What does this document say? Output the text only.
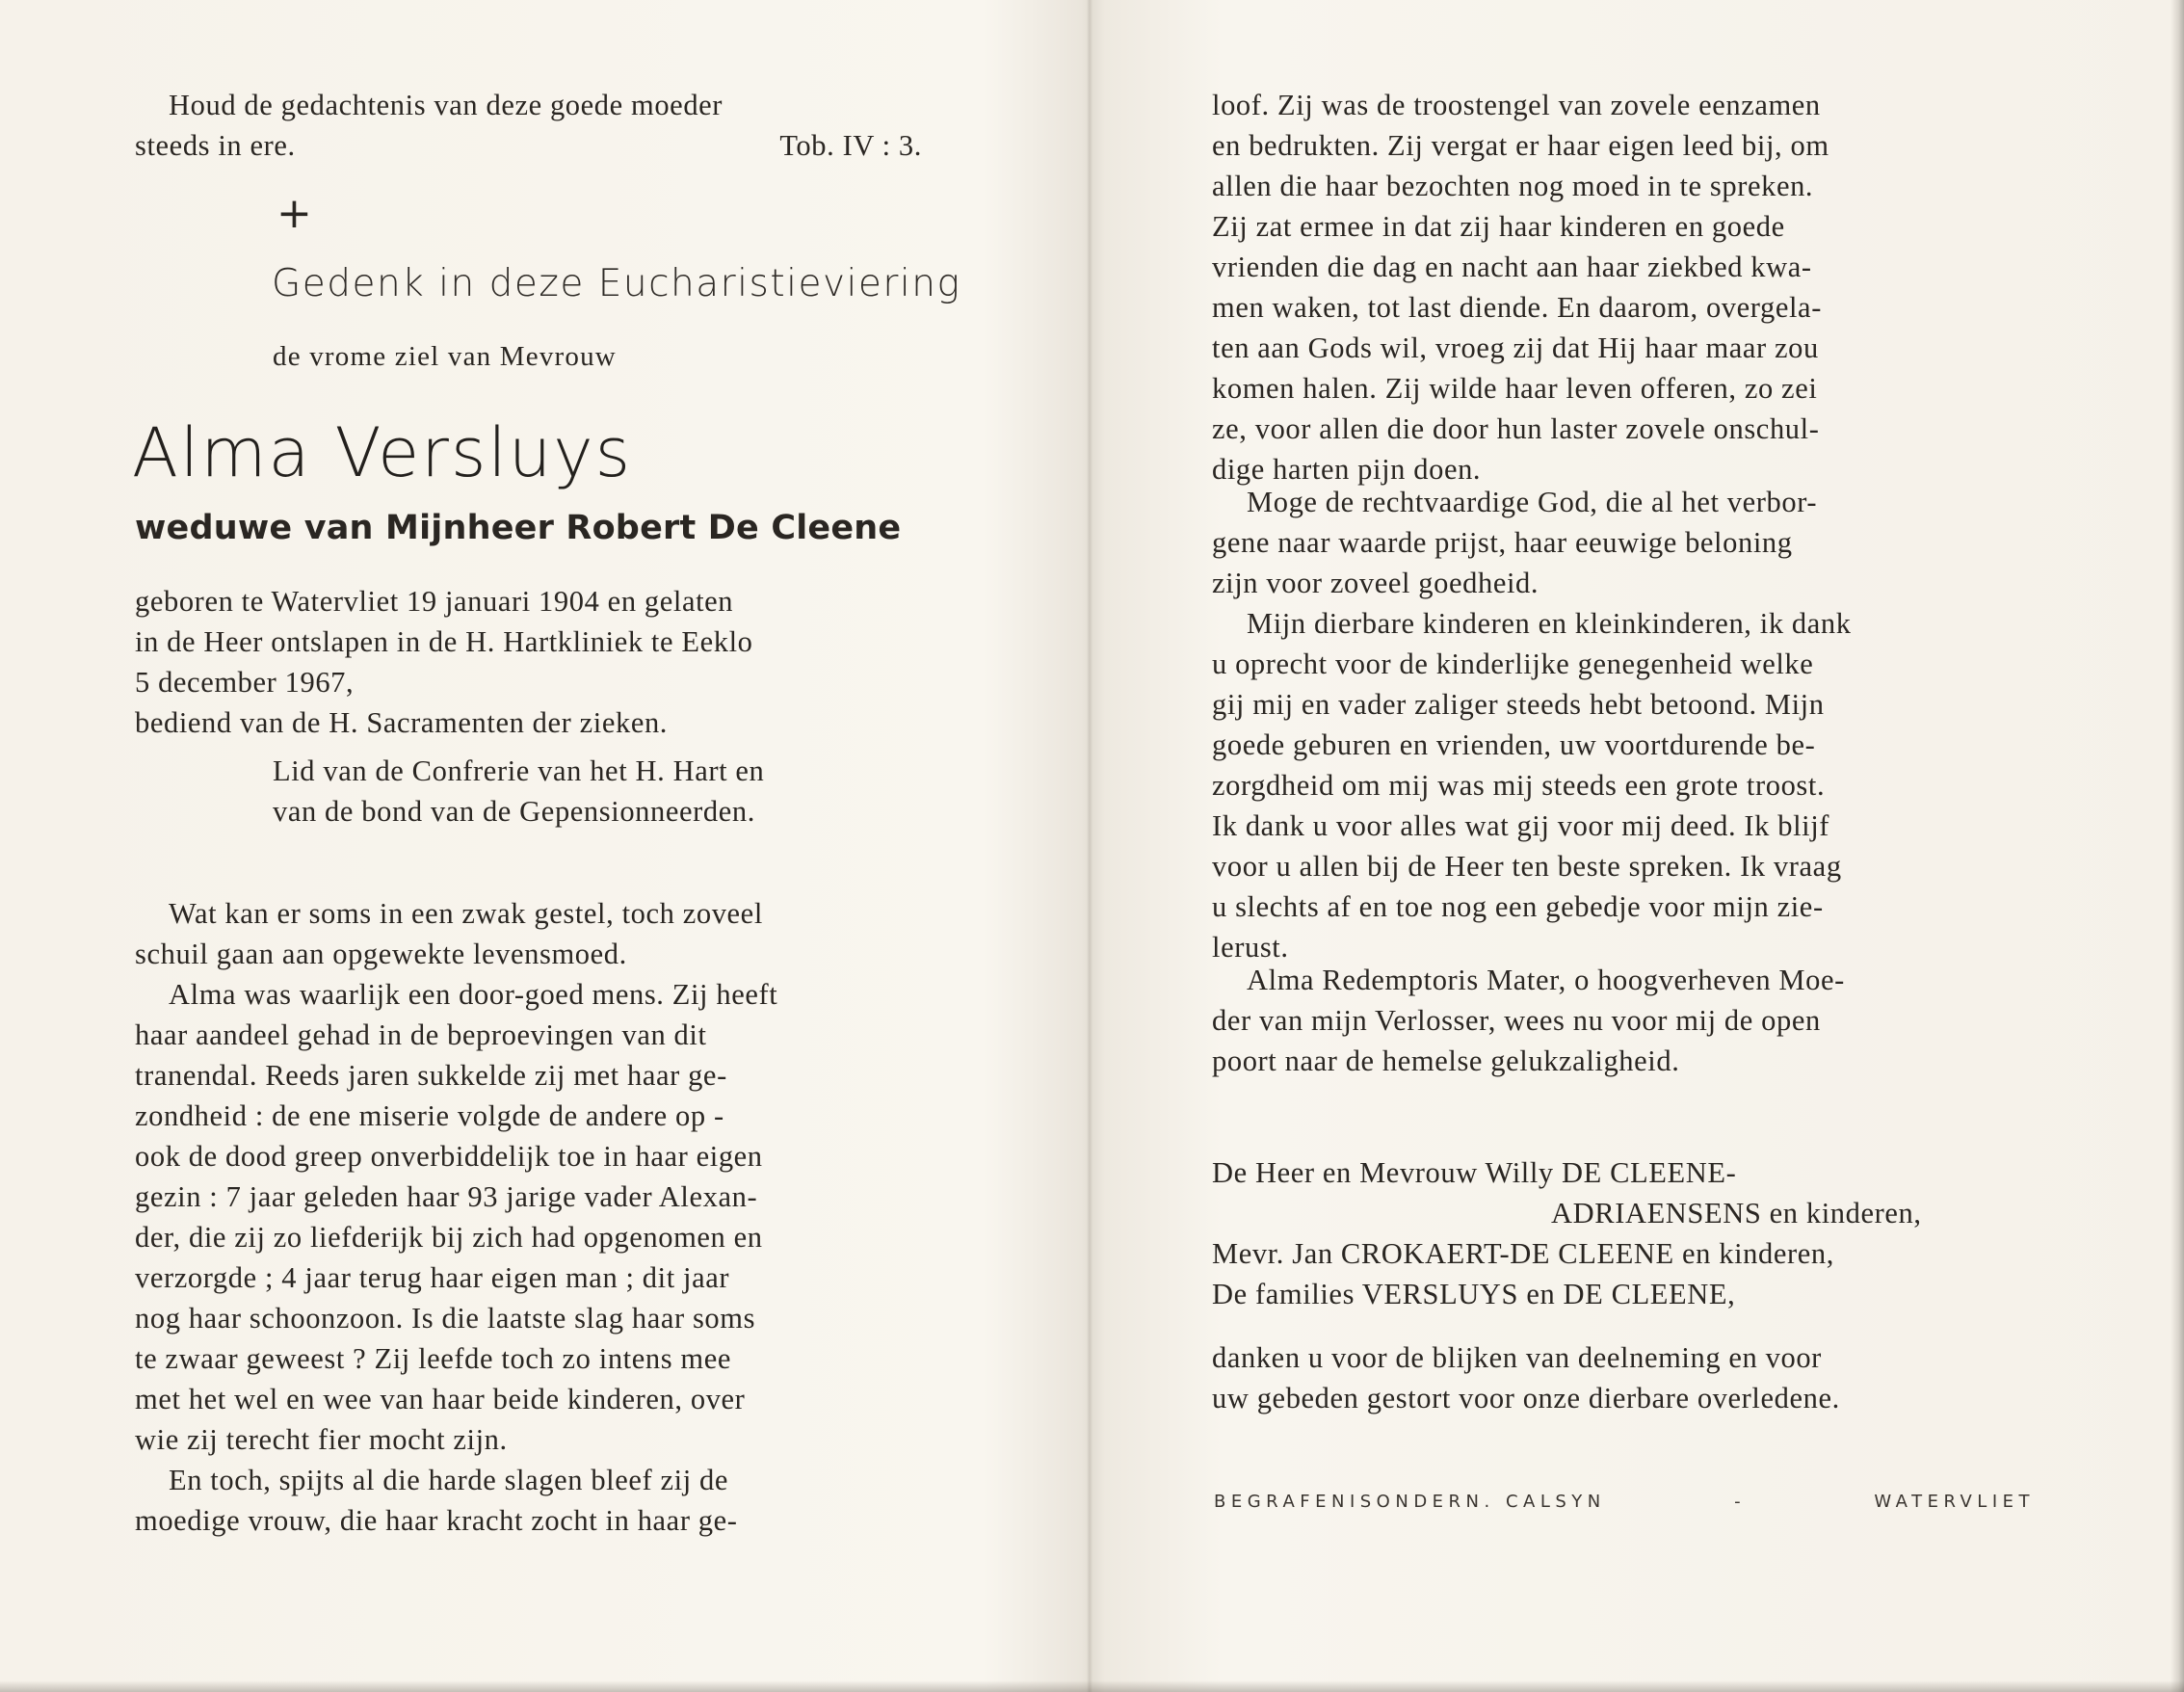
Houd de gedachtenis van deze goede moeder
steeds in ere.	Tob. IV : 3.
+
Gedenk in deze Eucharistieviering
de vrome ziel van Mevrouw
Alma Versluys
weduwe van Mijnheer Robert De Cleene
geboren te Watervliet 19 januari 1904 en gelaten
in de Heer ontslapen in de H. Hartkliniek te Eeklo
5 december 1967,
bediend van de H. Sacramenten der zieken.
Lid van de Confrerie van het H. Hart en
van de bond van de Gepensionneerden.
Wat kan er soms in een zwak gestel, toch zoveel
schuil gaan aan opgewekte levensmoed.
Alma was waarlijk een door-goed mens. Zij heeft
haar aandeel gehad in de beproevingen van dit
tranendal. Reeds jaren sukkelde zij met haar ge-
zondheid : de ene miserie volgde de andere op -
ook de dood greep onverbiddelijk toe in haar eigen
gezin : 7 jaar geleden haar 93 jarige vader Alexan-
der, die zij zo liefderijk bij zich had opgenomen en
verzorgde ; 4 jaar terug haar eigen man ; dit jaar
nog haar schoonzoon. Is die laatste slag haar soms
te zwaar geweest ? Zij leefde toch zo intens mee
met het wel en wee van haar beide kinderen, over
wie zij terecht fier mocht zijn.
En toch, spijts al die harde slagen bleef zij de
moedige vrouw, die haar kracht zocht in haar ge-
loof. Zij was de troostengel van zovele eenzamen
en bedrukten. Zij vergat er haar eigen leed bij, om
allen die haar bezochten nog moed in te spreken.
Zij zat ermee in dat zij haar kinderen en goede
vrienden die dag en nacht aan haar ziekbed kwa-
men waken, tot last diende. En daarom, overgela-
ten aan Gods wil, vroeg zij dat Hij haar maar zou
komen halen. Zij wilde haar leven offeren, zo zei
ze, voor allen die door hun laster zovele onschul-
dige harten pijn doen.
Moge de rechtvaardige God, die al het verbor-
gene naar waarde prijst, haar eeuwige beloning
zijn voor zoveel goedheid.
Mijn dierbare kinderen en kleinkinderen, ik dank
u oprecht voor de kinderlijke genegenheid welke
gij mij en vader zaliger steeds hebt betoond. Mijn
goede geburen en vrienden, uw voortdurende be-
zorgdheid om mij was mij steeds een grote troost.
Ik dank u voor alles wat gij voor mij deed. Ik blijf
voor u allen bij de Heer ten beste spreken. Ik vraag
u slechts af en toe nog een gebedje voor mijn zie-
lerust.
Alma Redemptoris Mater, o hoogverheven Moe-
der van mijn Verlosser, wees nu voor mij de open
poort naar de hemelse gelukzaligheid.
De Heer en Mevrouw Willy DE CLEENE-
ADRIAENSENS en kinderen,
Mevr. Jan CROKAERT-DE CLEENE en kinderen,
De families VERSLUYS en DE CLEENE,
danken u voor de blijken van deelneming en voor
uw gebeden gestort voor onze dierbare overledene.
BEGRAFENISONDERN. CALSYN	-	WATERVLIET
